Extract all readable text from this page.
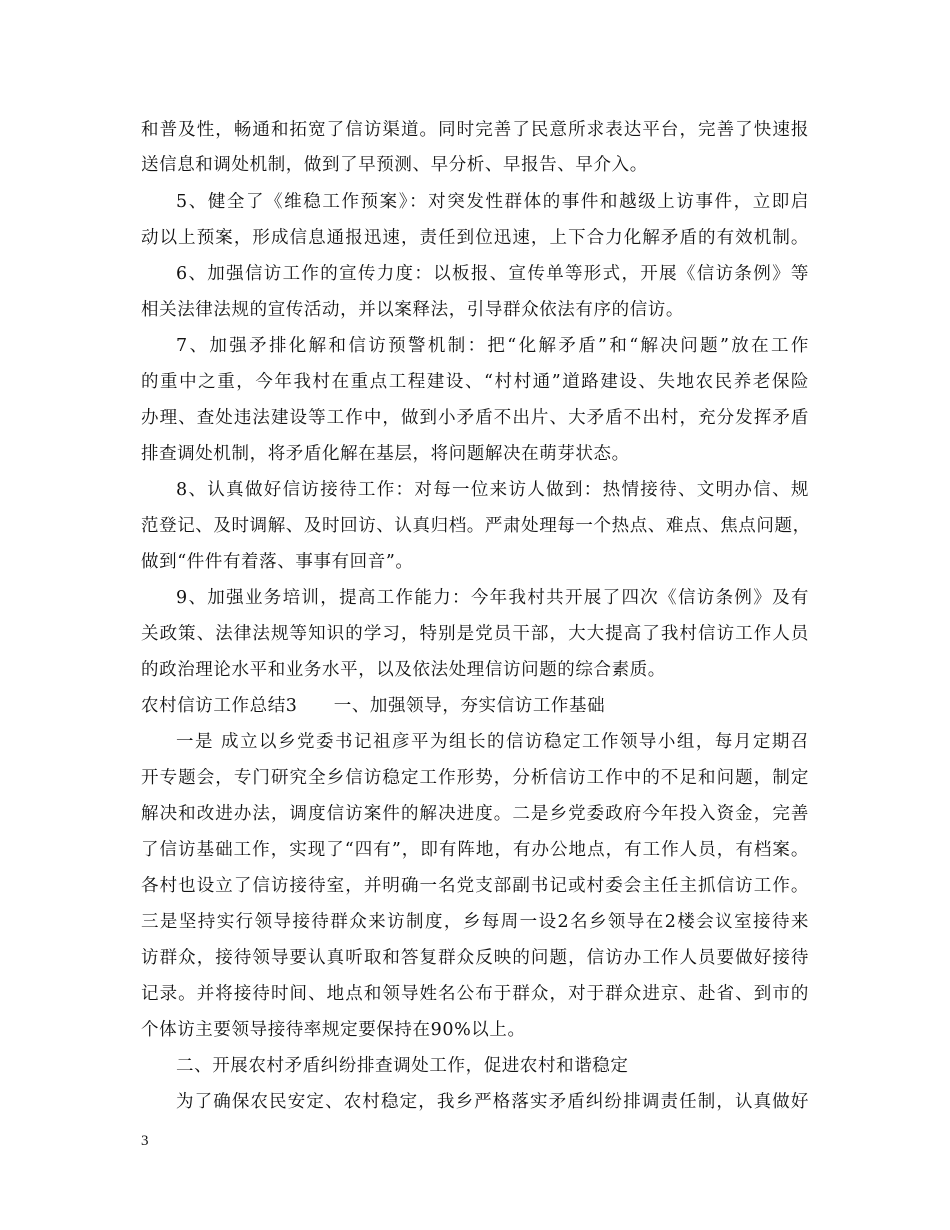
和普及性，畅通和拓宽了信访渠道。同时完善了民意所求表达平台，完善了快速报
送信息和调处机制，做到了早预测、早分析、早报告、早介入。
5、健全了《维稳工作预案》：对突发性群体的事件和越级上访事件，立即启
动以上预案，形成信息通报迅速，责任到位迅速，上下合力化解矛盾的有效机制。
6、加强信访工作的宣传力度：以板报、宣传单等形式，开展《信访条例》等
相关法律法规的宣传活动，并以案释法，引导群众依法有序的信访。
7、加强矛排化解和信访预警机制：把“化解矛盾”和“解决问题”放在工作
的重中之重，今年我村在重点工程建设、“村村通”道路建设、失地农民养老保险
办理、查处违法建设等工作中，做到小矛盾不出片、大矛盾不出村，充分发挥矛盾
排查调处机制，将矛盾化解在基层，将问题解决在萌芽状态。
8、认真做好信访接待工作：对每一位来访人做到：热情接待、文明办信、规
范登记、及时调解、及时回访、认真归档。严肃处理每一个热点、难点、焦点问题，
做到“件件有着落、事事有回音”。
9、加强业务培训，提高工作能力：今年我村共开展了四次《信访条例》及有
关政策、法律法规等知识的学习，特别是党员干部，大大提高了我村信访工作人员
的政治理论水平和业务水平，以及依法处理信访问题的综合素质。
农村信访工作总结3　　一、加强领导，夯实信访工作基础
一是 成立以乡党委书记祖彦平为组长的信访稳定工作领导小组，每月定期召
开专题会，专门研究全乡信访稳定工作形势，分析信访工作中的不足和问题，制定
解决和改进办法，调度信访案件的解决进度。二是乡党委政府今年投入资金，完善
了信访基础工作，实现了“四有”，即有阵地，有办公地点，有工作人员，有档案。
各村也设立了信访接待室，并明确一名党支部副书记或村委会主任主抓信访工作。
三是坚持实行领导接待群众来访制度，乡每周一设2名乡领导在2楼会议室接待来
访群众，接待领导要认真听取和答复群众反映的问题，信访办工作人员要做好接待
记录。并将接待时间、地点和领导姓名公布于群众，对于群众进京、赴省、到市的
个体访主要领导接待率规定要保持在90%以上。
二、开展农村矛盾纠纷排查调处工作，促进农村和谐稳定
为了确保农民安定、农村稳定，我乡严格落实矛盾纠纷排调责任制，认真做好
3
